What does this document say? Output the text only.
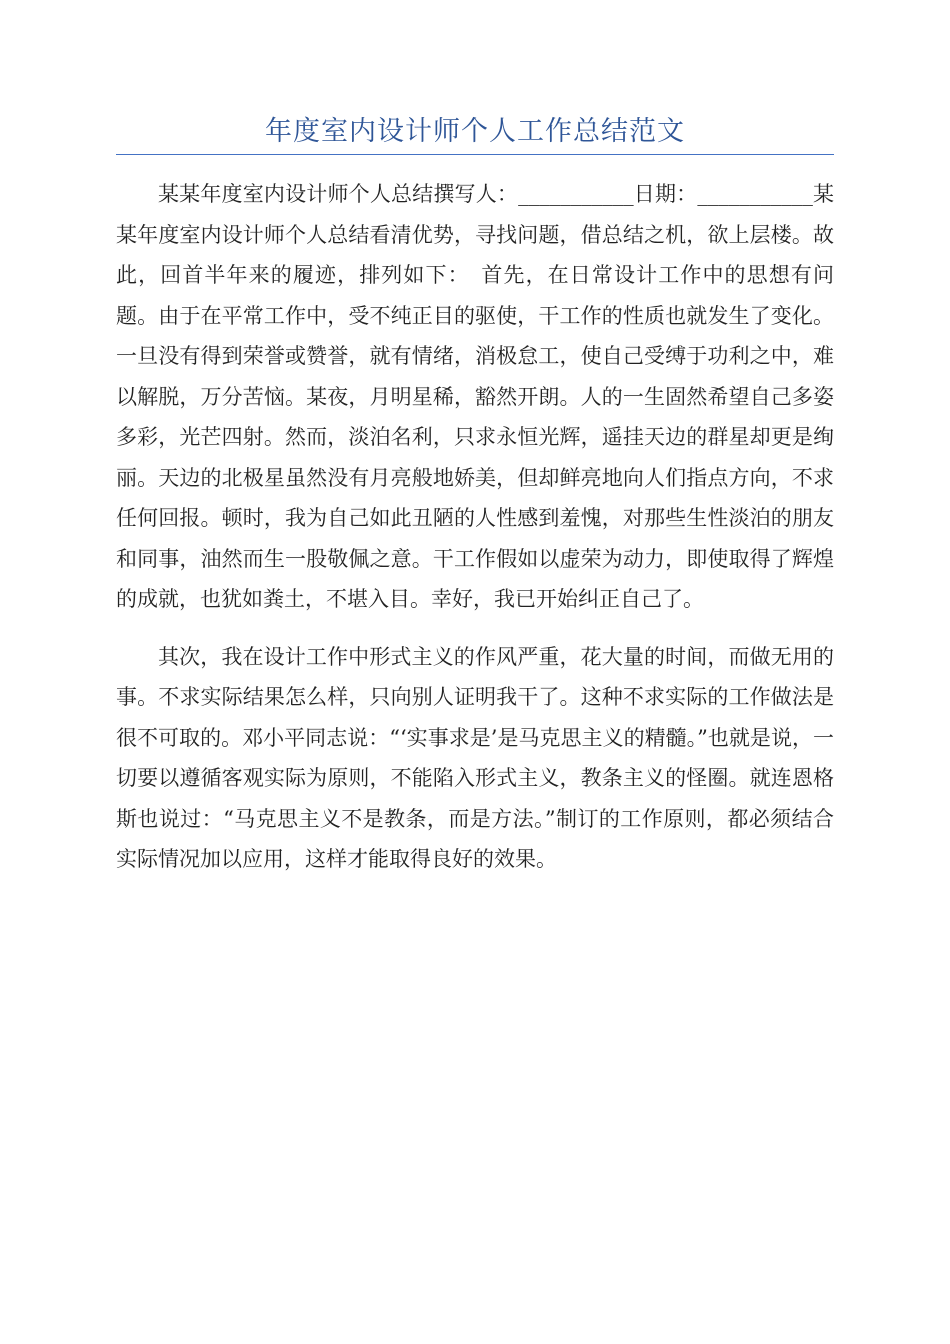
年度室内设计师个人工作总结范文

某某年度室内设计师个人总结撰写人：___________日期：___________某某年度室内设计师个人总结看清优势，寻找问题，借总结之机，欲上层楼。故此，回首半年来的履迹，排列如下：　首先，在日常设计工作中的思想有问题。由于在平常工作中，受不纯正目的驱使，干工作的性质也就发生了变化。一旦没有得到荣誉或赞誉，就有情绪，消极怠工，使自己受缚于功利之中，难以解脱，万分苦恼。某夜，月明星稀，豁然开朗。人的一生固然希望自己多姿多彩，光芒四射。然而，淡泊名利，只求永恒光辉，遥挂天边的群星却更是绚丽。天边的北极星虽然没有月亮般地娇美，但却鲜亮地向人们指点方向，不求任何回报。顿时，我为自己如此丑陋的人性感到羞愧，对那些生性淡泊的朋友和同事，油然而生一股敬佩之意。干工作假如以虚荣为动力，即使取得了辉煌的成就，也犹如粪土，不堪入目。幸好，我已开始纠正自己了。

其次，我在设计工作中形式主义的作风严重，花大量的时间，而做无用的事。不求实际结果怎么样，只向别人证明我干了。这种不求实际的工作做法是很不可取的。邓小平同志说：“‘实事求是’是马克思主义的精髓。”也就是说，一切要以遵循客观实际为原则，不能陷入形式主义，教条主义的怪圈。就连恩格斯也说过：“马克思主义不是教条，而是方法。”制订的工作原则，都必须结合实际情况加以应用，这样才能取得良好的效果。
